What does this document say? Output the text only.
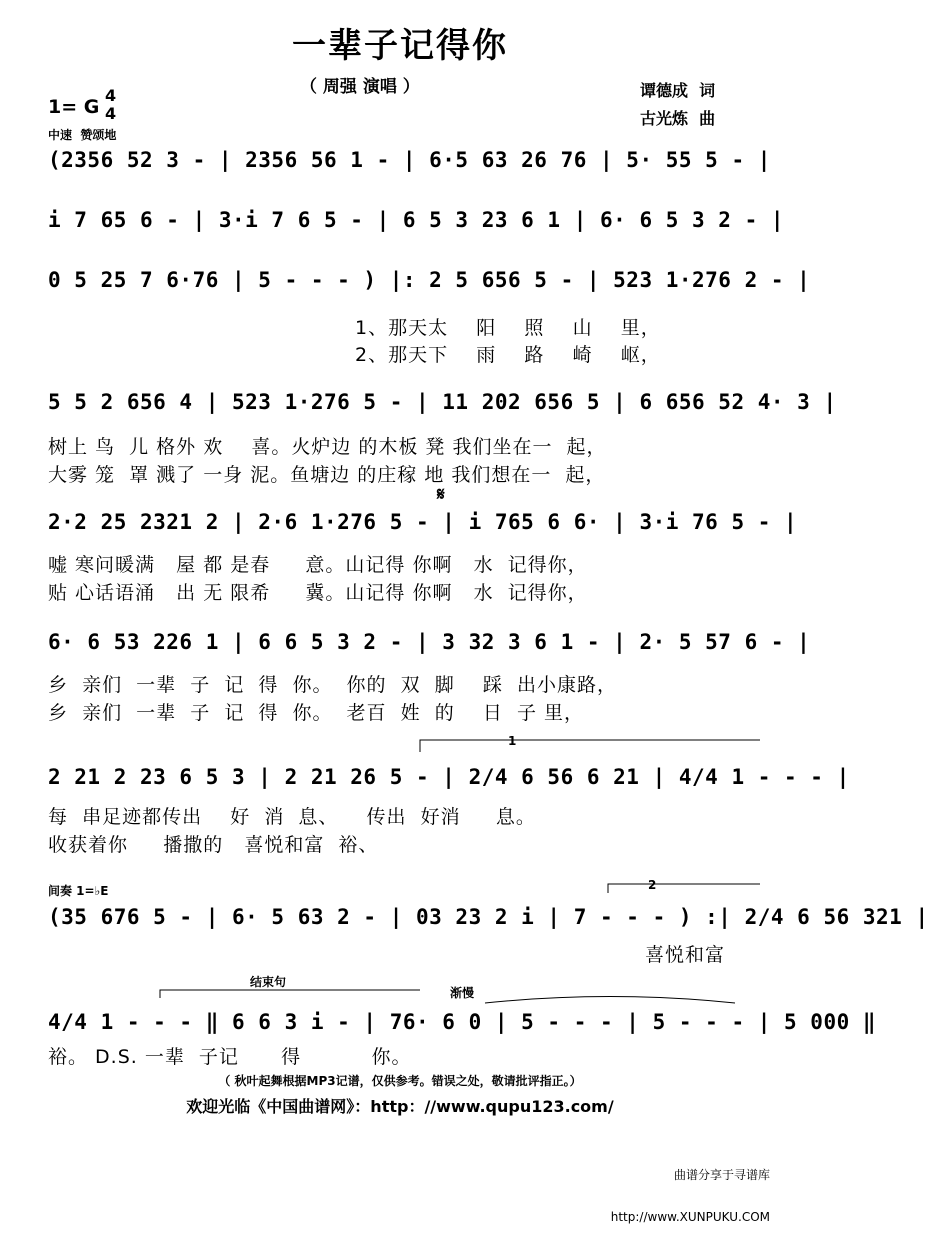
一辈子记得你
（ 周强 演唱 ）	谭德成  词
古光炼  曲
1= G
4
4
中速  赞颂地
(2356 52 3 - | 2356 56 1 - | 6·5 63 26 76 | 5· 55 5 - |
i 7 65 6 - | 3·i 7 6 5 - | 6 5 3 23 6 1 | 6· 6 5 3 2 - |
0 5 25 7 6·76 | 5 - - - ) |: 2 5 656 5 - | 523 1·276 2 - |
1、那天太    阳    照    山    里，
2、那天下    雨    路    崎    岖，
5 5 2 656 4 | 523 1·276 5 - | 11 202 656 5 | 6 656 52 4· 3 |
树上 鸟  儿 格外 欢    喜。火炉边 的木板 凳 我们坐在一  起，
大雾 笼  罩 溅了 一身 泥。鱼塘边 的庄稼 地 我们想在一  起，
𝄋
2·2 25 2321 2 | 2·6 1·276 5 - | i 765 6 6· | 3·i 76 5 - |
嘘 寒问暖满   屋 都 是春     意。山记得 你啊   水  记得你，
贴 心话语涌   出 无 限希     冀。山记得 你啊   水  记得你，
6· 6 53 226 1 | 6 6 5 3 2 - | 3 32 3 6 1 - | 2· 5 57 6 - |
乡  亲们  一辈  子  记  得  你。  你的  双  脚    踩  出小康路，
乡  亲们  一辈  子  记  得  你。  老百  姓  的    日  子 里，
1
2 21 2 23 6 5 3 | 2 21 26 5 - | 2/4 6 56 6 21 | 4/4 1 - - - |
每  串足迹都传出    好  消  息、    传出  好消     息。
收获着你     播撒的   喜悦和富  裕、
间奏 1=♭E	2
(35 676 5 - | 6· 5 63 2 - | 03 23 2 i | 7 - - - ) :| 2/4 6 56 321 |
喜悦和富
结束句
渐慢
4/4 1 - - - ‖ 6 6 3 i - | 76· 6 0 | 5 - - - | 5 - - - | 5 000 ‖
裕。 D.S. 一辈  子记      得          你。
（ 秋叶起舞根据MP3记谱，仅供参考。错误之处，敬请批评指正。）
欢迎光临《中国曲谱网》：http：//www.qupu123.com/

曲谱分享于寻谱库

http://www.XUNPUKU.COM
